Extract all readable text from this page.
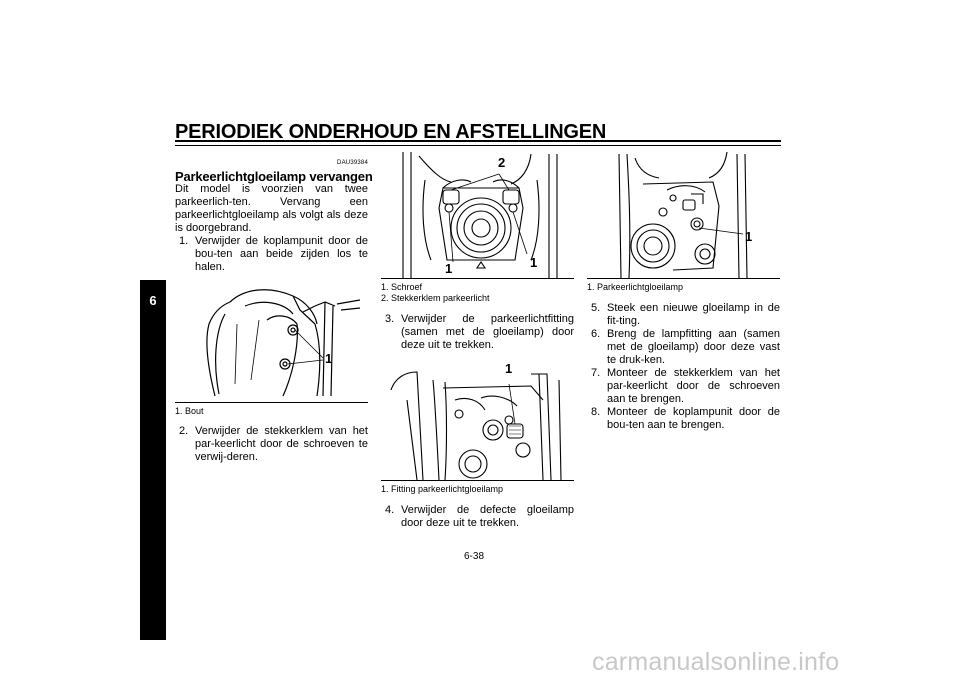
PERIODIEK ONDERHOUD EN AFSTELLINGEN
6
DAU39384
Parkeerlichtgloeilamp vervangen
Dit model is voorzien van twee parkeerlich-ten. Vervang een parkeerlichtgloeilamp als volgt als deze is doorgebrand.
1. Verwijder de koplampunit door de bou-ten aan beide zijden los te halen.
1
1. Bout
2. Verwijder de stekkerklem van het par-keerlicht door de schroeven te verwij-deren.
2
1	1
1. Schroef
2. Stekkerklem parkeerlicht
3. Verwijder de parkeerlichtfitting (samen met de gloeilamp) door deze uit te trekken.
1
1. Fitting parkeerlichtgloeilamp
4. Verwijder de defecte gloeilamp door deze uit te trekken.
1
1. Parkeerlichtgloeilamp
5. Steek een nieuwe gloeilamp in de fit-ting.
6. Breng de lampfitting aan (samen met de gloeilamp) door deze vast te druk-ken.
7. Monteer de stekkerklem van het par-keerlicht door de schroeven aan te brengen.
8. Monteer de koplampunit door de bou-ten aan te brengen.
6-38
carmanualsonline.info
